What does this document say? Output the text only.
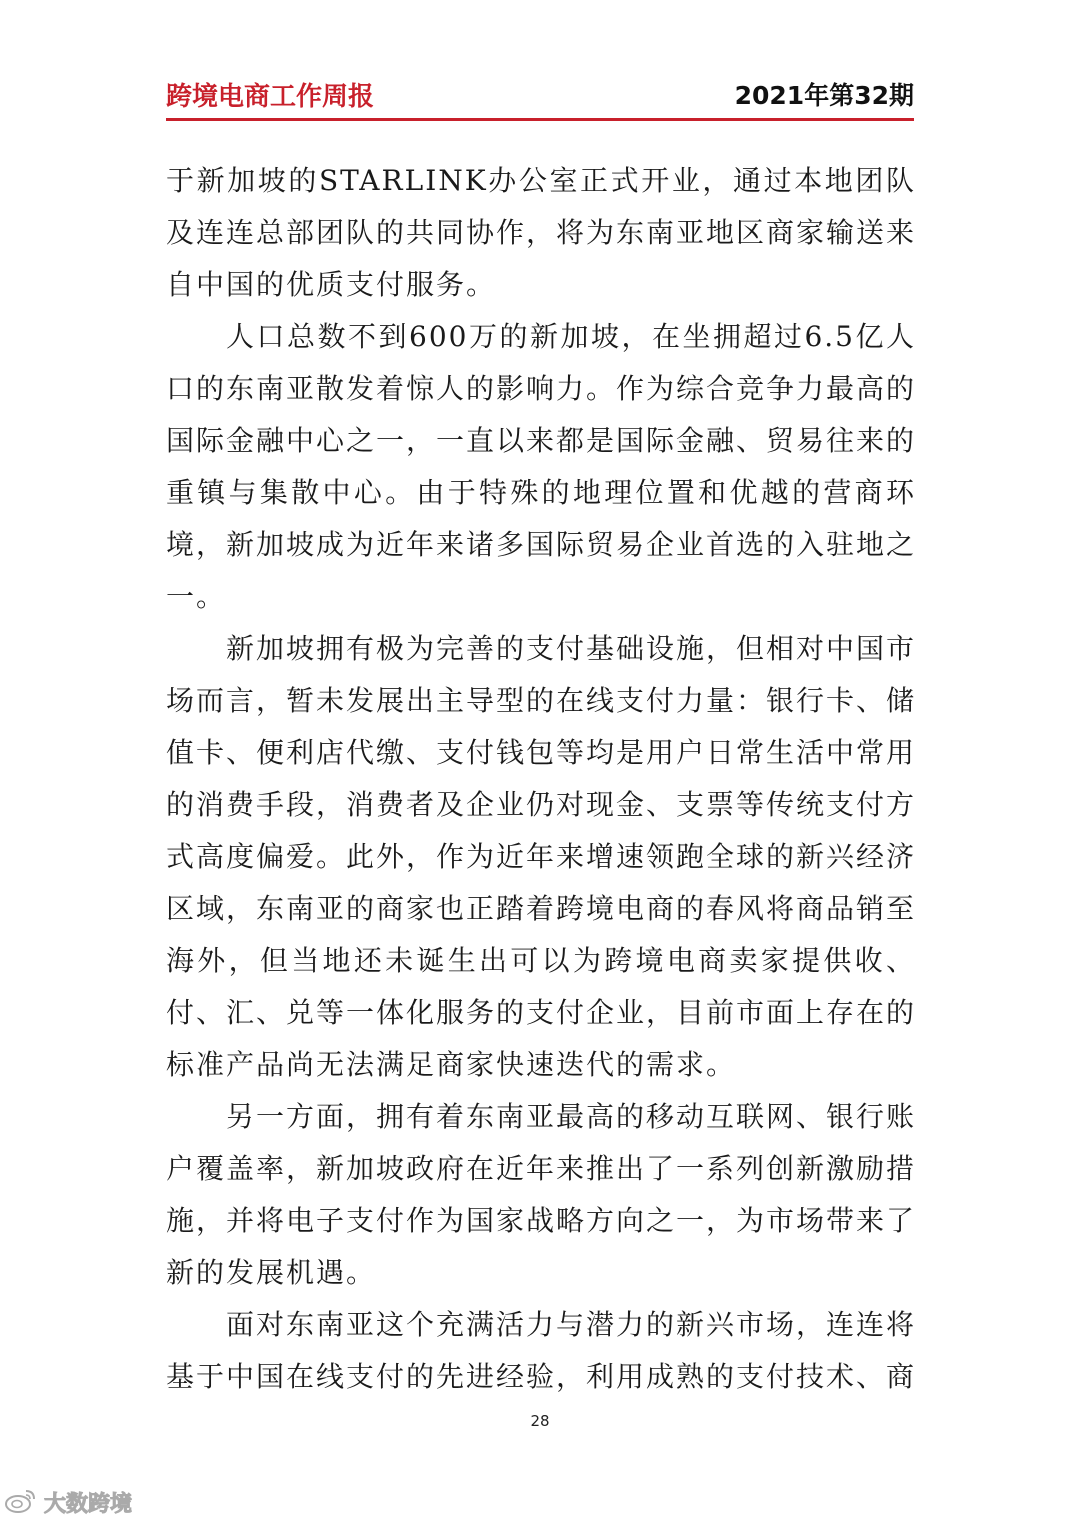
跨境电商工作周报	2021年第32期

于新加坡的STARLINK办公室正式开业，通过本地团队及连连总部团队的共同协作，将为东南亚地区商家输送来自中国的优质支付服务。

人口总数不到600万的新加坡，在坐拥超过6.5亿人口的东南亚散发着惊人的影响力。作为综合竞争力最高的国际金融中心之一，一直以来都是国际金融、贸易往来的重镇与集散中心。由于特殊的地理位置和优越的营商环境，新加坡成为近年来诸多国际贸易企业首选的入驻地之一。

新加坡拥有极为完善的支付基础设施，但相对中国市场而言，暂未发展出主导型的在线支付力量：银行卡、储值卡、便利店代缴、支付钱包等均是用户日常生活中常用的消费手段，消费者及企业仍对现金、支票等传统支付方式高度偏爱。此外，作为近年来增速领跑全球的新兴经济区域，东南亚的商家也正踏着跨境电商的春风将商品销至海外，但当地还未诞生出可以为跨境电商卖家提供收、付、汇、兑等一体化服务的支付企业，目前市面上存在的标准产品尚无法满足商家快速迭代的需求。

另一方面，拥有着东南亚最高的移动互联网、银行账户覆盖率，新加坡政府在近年来推出了一系列创新激励措施，并将电子支付作为国家战略方向之一，为市场带来了新的发展机遇。

面对东南亚这个充满活力与潜力的新兴市场，连连将基于中国在线支付的先进经验，利用成熟的支付技术、商

28
大数跨境
